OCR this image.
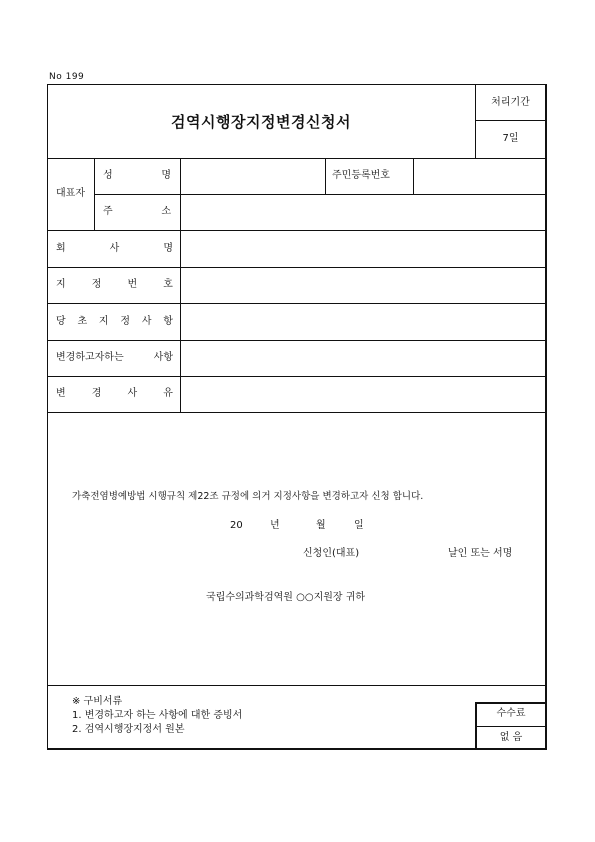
No 199
검역시행장지정변경신청서
처리기간
7일
대표자
성	명	주민등록번호
주	소
회	사	명
지	정	번	호
당 초 지 정 사 항
변경하고자하는	사항
변	경	사	유
가축전염병예방법 시행규칙 제22조 규정에 의거 지정사항을 변경하고자 신청 합니다.
20	년	월	일
신청인(대표)	날인 또는 서명
국립수의과학검역원 ○○지원장 귀하
※ 구비서류
1. 변경하고자 하는 사항에 대한 증빙서
2. 검역시행장지정서 원본
수수료
없 음
